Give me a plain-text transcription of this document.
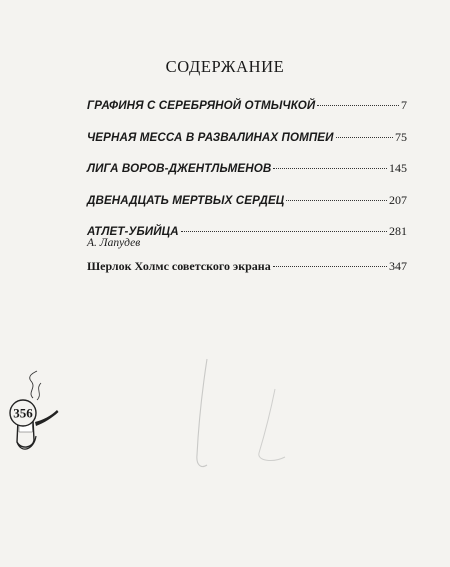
СОДЕРЖАНИЕ
ГРАФИНЯ С СЕРЕБРЯНОЙ ОТМЫЧКОЙ	7
ЧЕРНАЯ МЕССА В РАЗВАЛИНАХ ПОМПЕИ	75
ЛИГА ВОРОВ-ДЖЕНТЛЬМЕНОВ	145
ДВЕНАДЦАТЬ МЕРТВЫХ СЕРДЕЦ	207
АТЛЕТ-УБИЙЦА	281
А. Лапудев
Шерлок Холмс советского экрана	347
356
